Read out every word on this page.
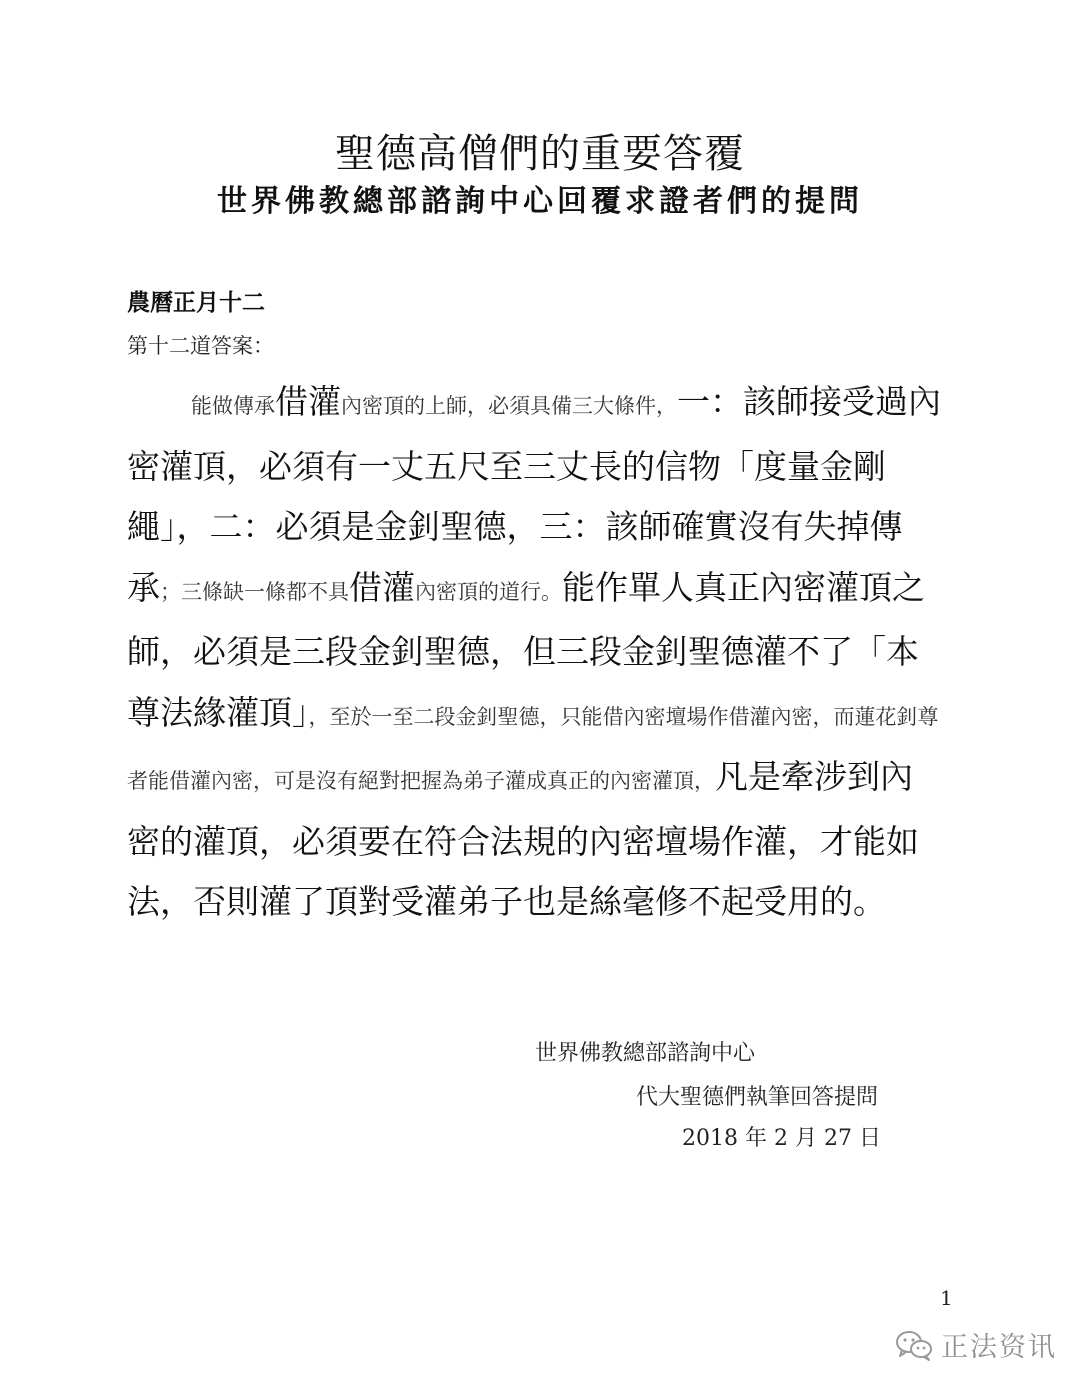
聖德高僧們的重要答覆
世界佛教總部諮詢中心回覆求證者們的提問
農曆正月十二
第十二道答案：
能做傳承借灌內密頂的上師，必須具備三大條件，一：該師接受過內密灌頂，必須有一丈五尺至三丈長的信物「度量金剛繩」，二：必須是金釗聖德，三：該師確實沒有失掉傳承；三條缺一條都不具借灌內密頂的道行。能作單人真正內密灌頂之師，必須是三段金釗聖德，但三段金釗聖德灌不了「本尊法緣灌頂」，至於一至二段金釗聖德，只能借內密壇場作借灌內密，而蓮花釗尊者能借灌內密，可是沒有絕對把握為弟子灌成真正的內密灌頂，凡是牽涉到內密的灌頂，必須要在符合法規的內密壇場作灌，才能如法，否則灌了頂對受灌弟子也是絲毫修不起受用的。
世界佛教總部諮詢中心
代大聖德們執筆回答提問
2018 年 2 月 27 日
1
正法资讯
